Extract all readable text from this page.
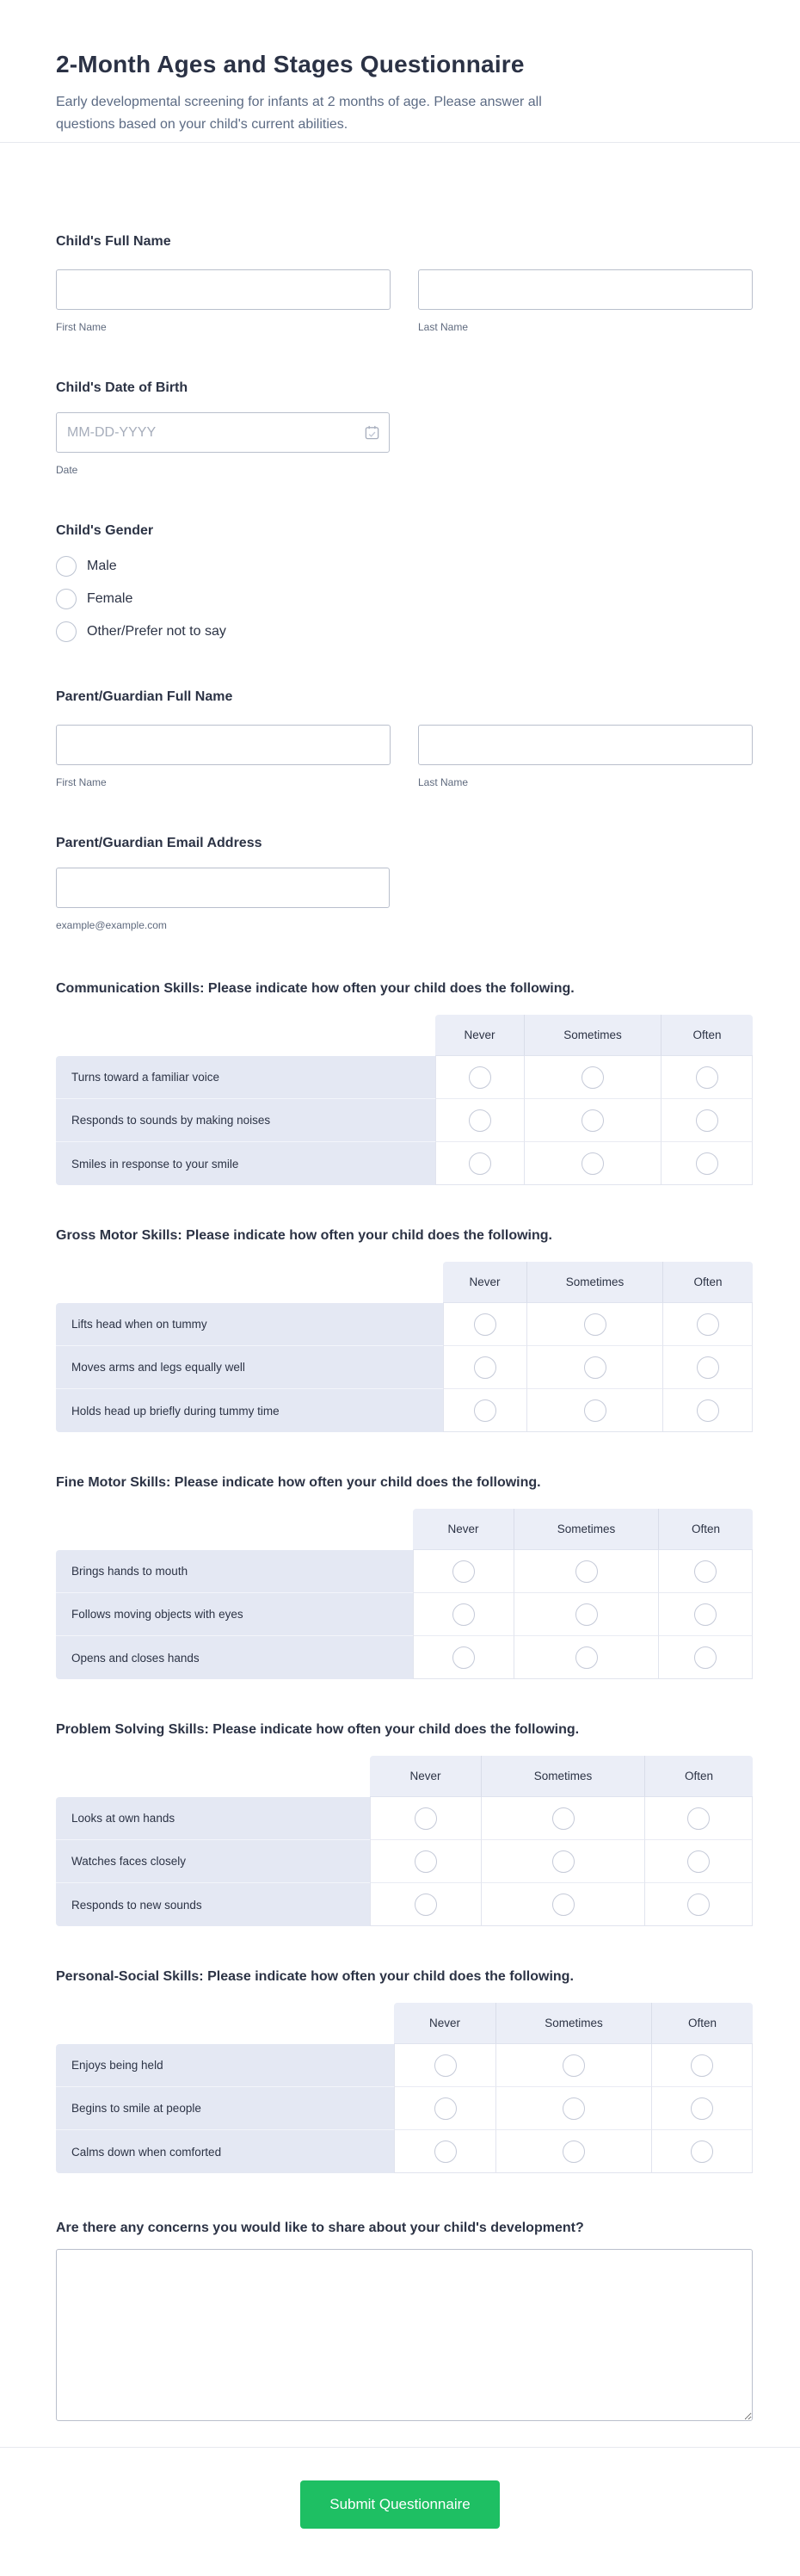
2-Month Ages and Stages Questionnaire
Early developmental screening for infants at 2 months of age. Please answer all questions based on your child's current abilities.
Child's Full Name
First Name	Last Name
Child's Date of Birth
MM-DD-YYYY
Date
Child's Gender
Male
Female
Other/Prefer not to say
Parent/Guardian Full Name
First Name	Last Name
Parent/Guardian Email Address
example@example.com
Communication Skills: Please indicate how often your child does the following.
Never	Sometimes	Often
Turns toward a familiar voice
Responds to sounds by making noises
Smiles in response to your smile
Gross Motor Skills: Please indicate how often your child does the following.
Never	Sometimes	Often
Lifts head when on tummy
Moves arms and legs equally well
Holds head up briefly during tummy time
Fine Motor Skills: Please indicate how often your child does the following.
Never	Sometimes	Often
Brings hands to mouth
Follows moving objects with eyes
Opens and closes hands
Problem Solving Skills: Please indicate how often your child does the following.
Never	Sometimes	Often
Looks at own hands
Watches faces closely
Responds to new sounds
Personal-Social Skills: Please indicate how often your child does the following.
Never	Sometimes	Often
Enjoys being held
Begins to smile at people
Calms down when comforted
Are there any concerns you would like to share about your child's development?
Submit Questionnaire
